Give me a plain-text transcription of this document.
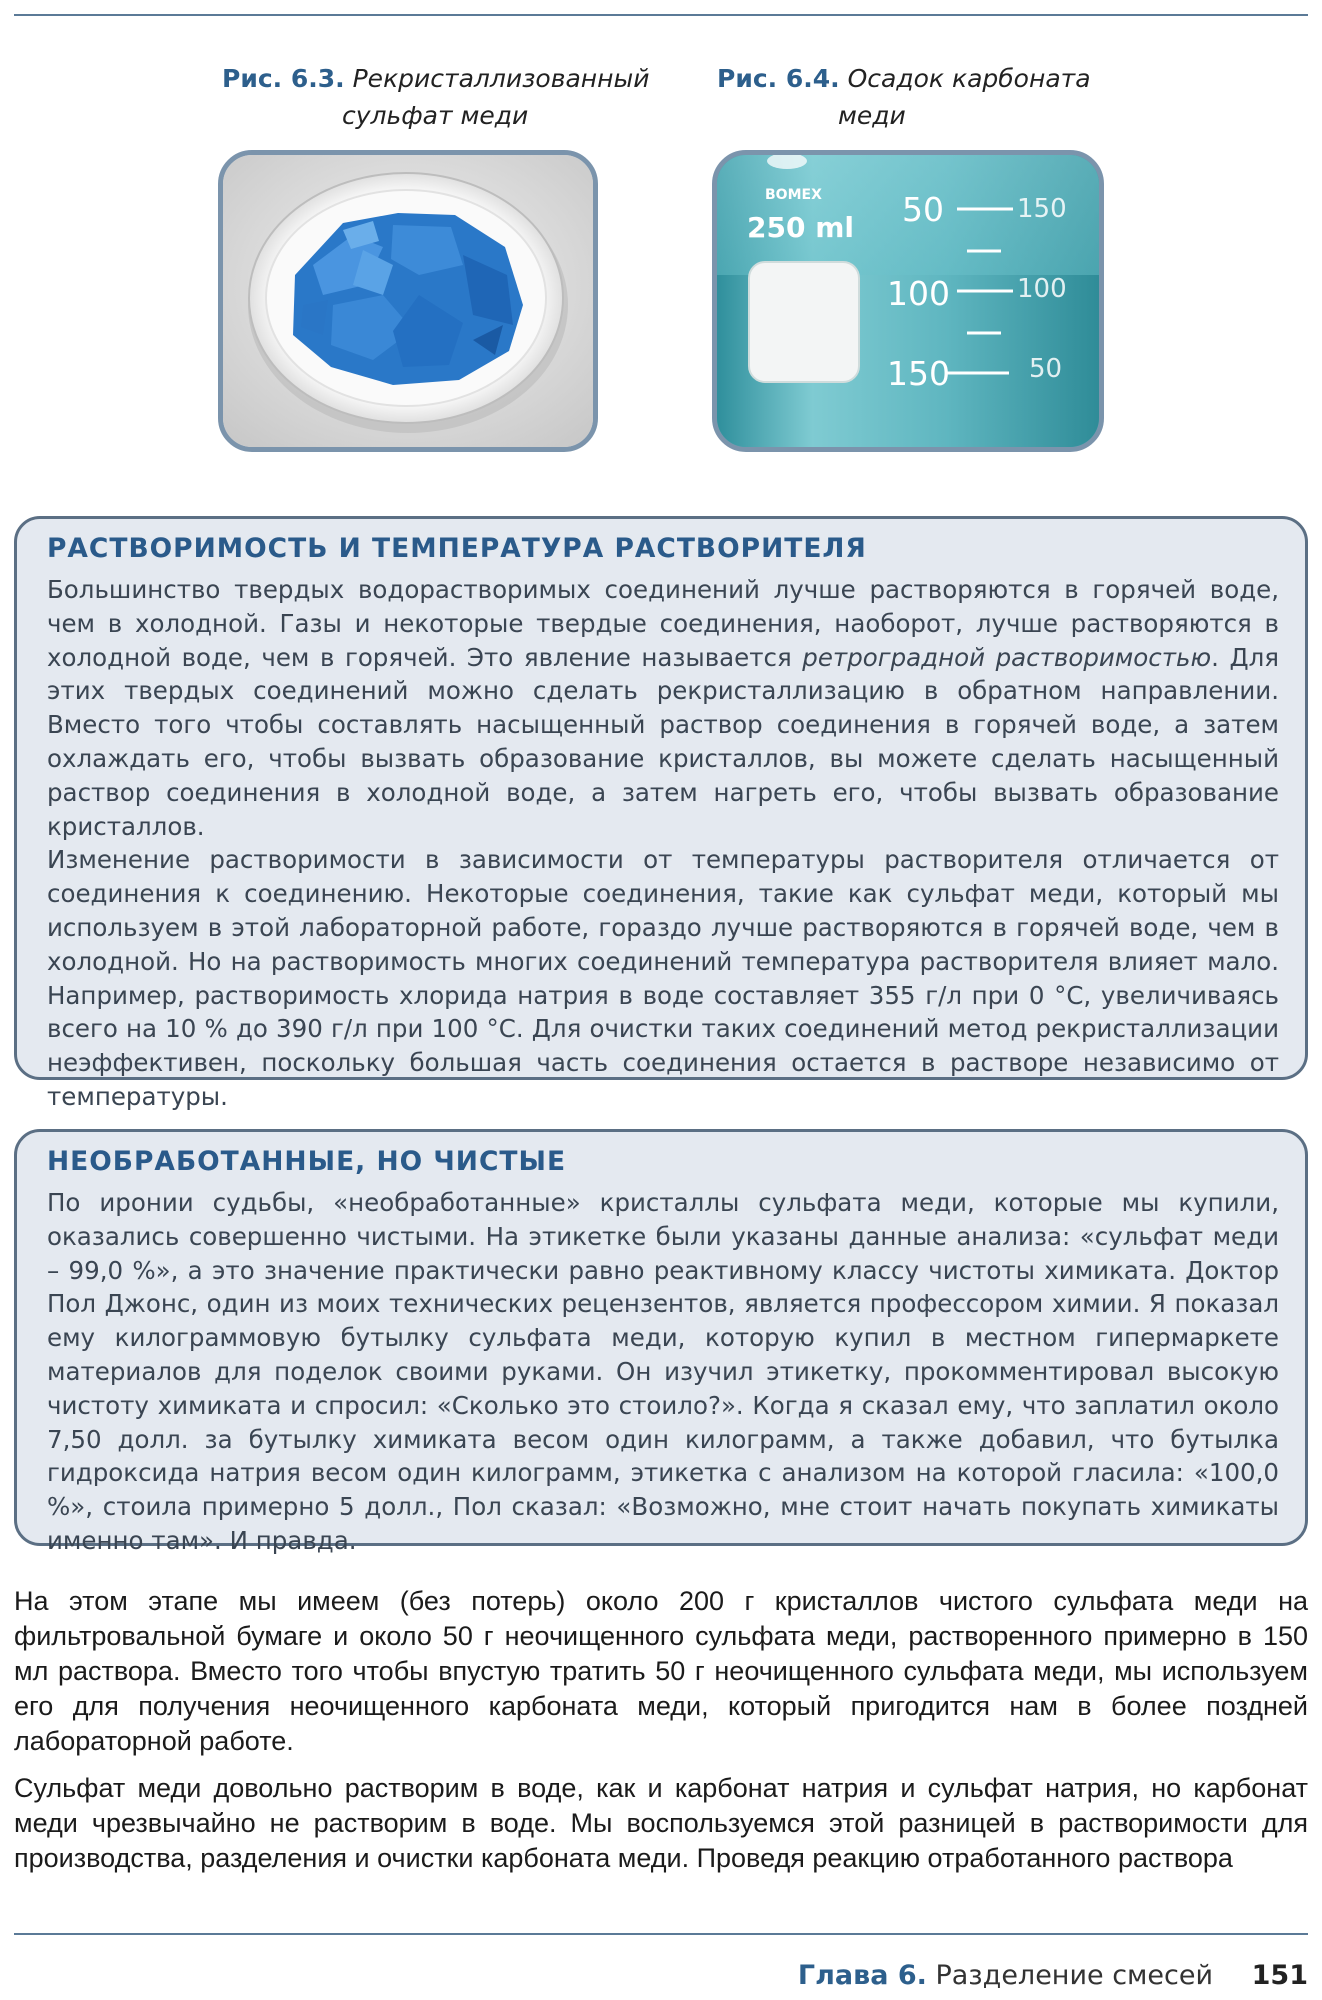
Рис. 6.3. Рекристаллизованный
сульфат меди
Рис. 6.4. Осадок карбоната
меди
BOMEX
250 ml 50
100
150
150
100
50
РАСТВОРИМОСТЬ И ТЕМПЕРАТУРА РАСТВОРИТЕЛЯ

Большинство твердых водорастворимых соединений лучше растворяются в горячей воде, чем в холодной. Газы и некоторые твердые соединения, наоборот, лучше растворяются в холодной воде, чем в горячей. Это явление называется ретроградной растворимостью. Для этих твердых соединений можно сделать рекристаллизацию в обратном направлении. Вместо того чтобы составлять насыщенный раствор соединения в горячей воде, а затем охлаждать его, чтобы вызвать образование кристаллов, вы можете сделать насыщенный раствор соединения в холодной воде, а затем нагреть его, чтобы вызвать образование кристаллов.

Изменение растворимости в зависимости от температуры растворителя отличается от соединения к соединению. Некоторые соединения, такие как сульфат меди, который мы используем в этой лабораторной работе, гораздо лучше растворяются в горячей воде, чем в холодной. Но на растворимость многих соединений температура растворителя влияет мало. Например, растворимость хлорида натрия в воде составляет 355 г/л при 0 °С, увеличиваясь всего на 10 % до 390 г/л при 100 °С. Для очистки таких соединений метод рекристаллизации неэффективен, поскольку большая часть соединения остается в растворе независимо от температуры.

НЕОБРАБОТАННЫЕ, НО ЧИСТЫЕ

По иронии судьбы, «необработанные» кристаллы сульфата меди, которые мы купили, оказались совершенно чистыми. На этикетке были указаны данные анализа: «сульфат меди – 99,0 %», а это значение практически равно реактивному классу чистоты химиката. Доктор Пол Джонс, один из моих технических рецензентов, является профессором химии. Я показал ему килограммовую бутылку сульфата меди, которую купил в местном гипермаркете материалов для поделок своими руками. Он изучил этикетку, прокомментировал высокую чистоту химиката и спросил: «Сколько это стоило?». Когда я сказал ему, что заплатил около 7,50 долл. за бутылку химиката весом один килограмм, а также добавил, что бутылка гидроксида натрия весом один килограмм, этикетка с анализом на которой гласила: «100,0 %», стоила примерно 5 долл., Пол сказал: «Возможно, мне стоит начать покупать химикаты именно там». И правда.

На этом этапе мы имеем (без потерь) около 200 г кристаллов чистого сульфата меди на фильтровальной бумаге и около 50 г неочищенного сульфата меди, растворенного примерно в 150 мл раствора. Вместо того чтобы впустую тратить 50 г неочищенного сульфата меди, мы используем его для получения неочищенного карбоната меди, который пригодится нам в более поздней лабораторной работе.

Сульфат меди довольно растворим в воде, как и карбонат натрия и сульфат натрия, но карбонат меди чрезвычайно не растворим в воде. Мы воспользуемся этой разницей в растворимости для производства, разделения и очистки карбоната меди. Проведя реакцию отработанного раствора

Глава 6. Разделение смесей 151
